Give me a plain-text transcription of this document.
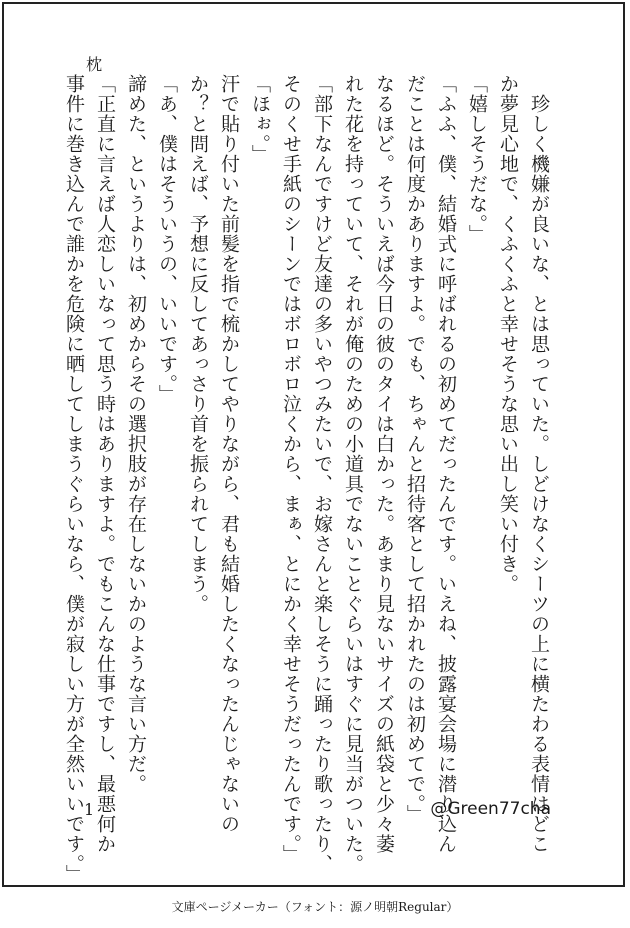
枕

　珍しく機嫌が良いな、とは思っていた。しどけなくシーツの上に横たわる表情はどこ

か夢見心地で、くふくふと幸せそうな思い出し笑い付き。

「嬉しそうだな。」

「ふふ、僕、結婚式に呼ばれるの初めてだったんです。いえね、披露宴会場に潜り込ん

だことは何度かありますよ。でも、ちゃんと招待客として招かれたのは初めてで。」

なるほど。そういえば今日の彼のタイは白かった。あまり見ないサイズの紙袋と少々萎

れた花を持っていて、それが俺のための小道具でないことぐらいはすぐに見当がついた。

「部下なんですけど友達の多いやつみたいで、お嫁さんと楽しそうに踊ったり歌ったり、

そのくせ手紙のシーンではボロボロ泣くから、まぁ、とにかく幸せそうだったんです。」

「ほぉ。」

汗で貼り付いた前髪を指で梳かしてやりながら、君も結婚したくなったんじゃないの

か？と問えば、予想に反してあっさり首を振られてしまう。

「あ、僕はそういうの、いいです。」

諦めた、というよりは、初めからその選択肢が存在しないかのような言い方だ。

「正直に言えば人恋しいなって思う時はありますよ。でもこんな仕事ですし、最悪何か

事件に巻き込んで誰かを危険に晒してしまうぐらいなら、僕が寂しい方が全然いいです。」 1	@Green77cha
文庫ページメーカー（フォント：源ノ明朝Regular）
